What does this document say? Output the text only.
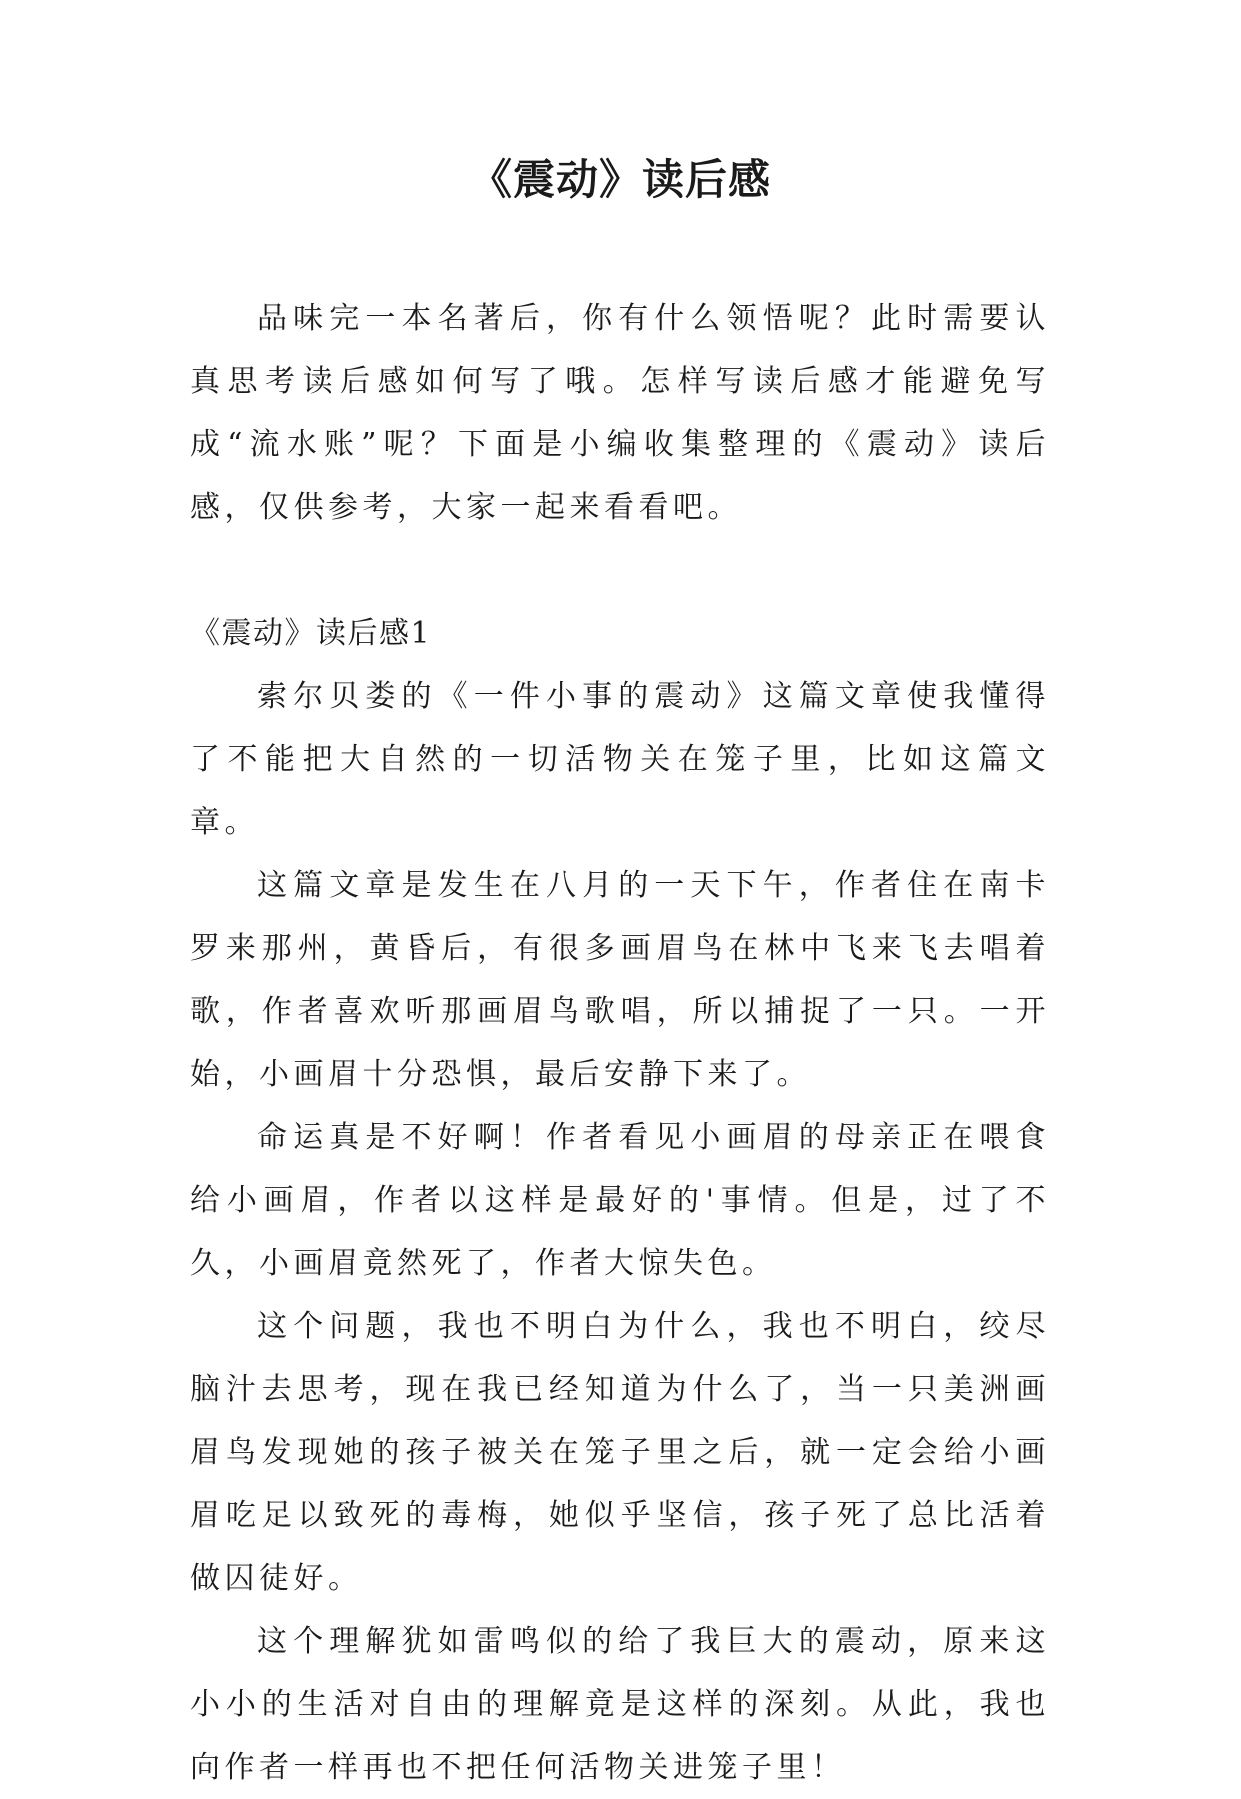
《震动》读后感

品味完一本名著后，你有什么领悟呢？此时需要认真思考读后感如何写了哦。怎样写读后感才能避免写成“流水账”呢？下面是小编收集整理的《震动》读后感，仅供参考，大家一起来看看吧。

《震动》读后感1

索尔贝娄的《一件小事的震动》这篇文章使我懂得了不能把大自然的一切活物关在笼子里，比如这篇文章。

这篇文章是发生在八月的一天下午，作者住在南卡罗来那州，黄昏后，有很多画眉鸟在林中飞来飞去唱着歌，作者喜欢听那画眉鸟歌唱，所以捕捉了一只。一开始，小画眉十分恐惧，最后安静下来了。

命运真是不好啊！作者看见小画眉的母亲正在喂食给小画眉，作者以这样是最好的'事情。但是，过了不久，小画眉竟然死了，作者大惊失色。

这个问题，我也不明白为什么，我也不明白，绞尽脑汁去思考，现在我已经知道为什么了，当一只美洲画眉鸟发现她的孩子被关在笼子里之后，就一定会给小画眉吃足以致死的毒梅，她似乎坚信，孩子死了总比活着做囚徒好。

这个理解犹如雷鸣似的给了我巨大的震动，原来这小小的生活对自由的理解竟是这样的深刻。从此，我也向作者一样再也不把任何活物关进笼子里！
